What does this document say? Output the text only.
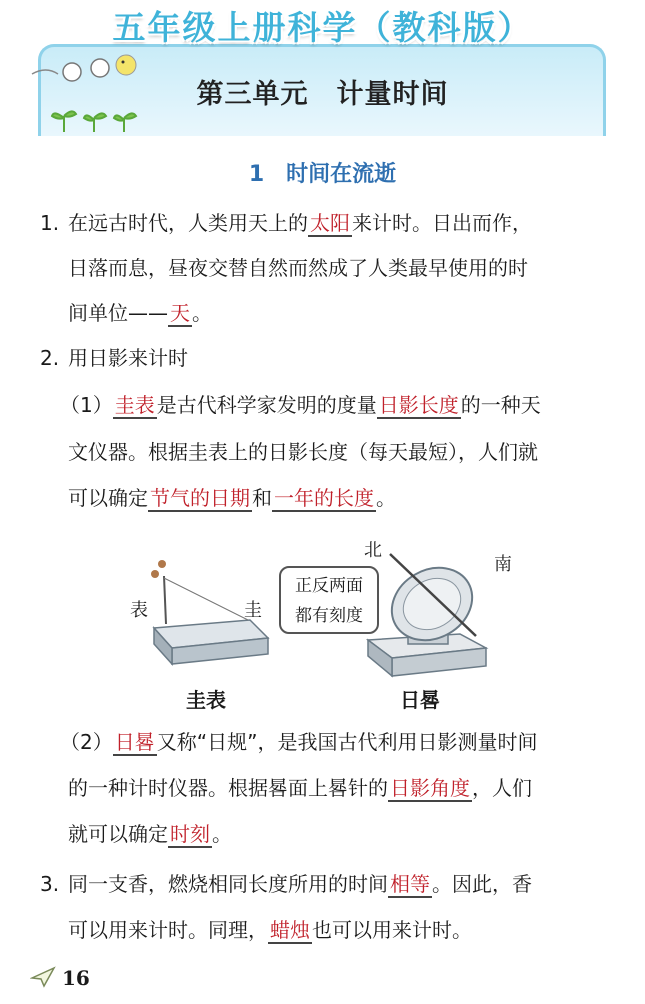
五年级上册科学（教科版）
第三单元　计量时间
1　时间在流逝
1. 在远古时代，人类用天上的 太阳 来计时。日出而作，
日落而息，昼夜交替自然而然成了人类最早使用的时
间单位—— 天 。
2. 用日影来计时
（1） 圭表 是古代科学家发明的度量 日影长度 的一种天
文仪器。根据圭表上的日影长度（每天最短），人们就
可以确定 节气的日期 和 一年的长度 。
表	圭
圭表
北
南
正反两面
都有刻度
日晷
（2） 日晷 又称“日规”，是我国古代利用日影测量时间
的一种计时仪器。根据晷面上晷针的 日影角度 ，人们
就可以确定 时刻 。
3. 同一支香，燃烧相同长度所用的时间 相等 。因此，香
可以用来计时。同理， 蜡烛 也可以用来计时。
16
